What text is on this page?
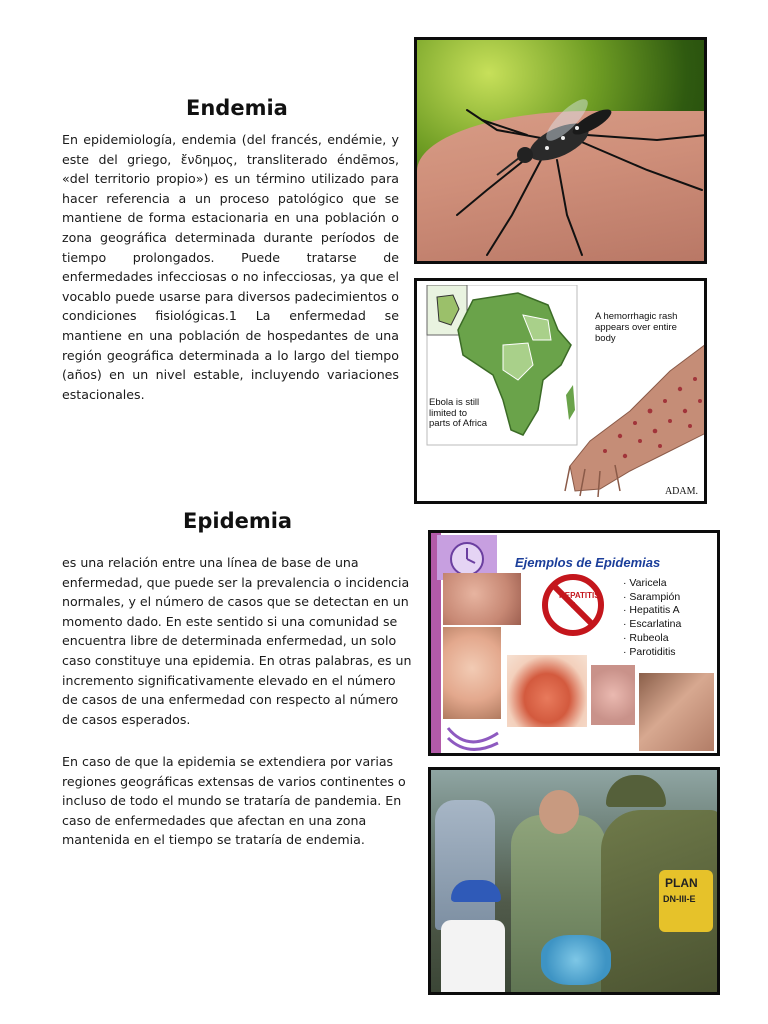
Endemia

En epidemiología, endemia (del francés, endémie, y este del griego, ἔνδημος, transliterado éndēmos, «del territorio propio») es un término utilizado para hacer referencia a un proceso patológico que se mantiene de forma estacionaria en una población o zona geográfica determinada durante períodos de tiempo prolongados. Puede tratarse de enfermedades infecciosas o no infecciosas, ya que el vocablo puede usarse para diversos padecimientos o condiciones fisiológicas.1 La enfermedad se mantiene en una población de hospedantes de una región geográfica determinada a lo largo del tiempo (años) en un nivel estable, incluyendo variaciones estacionales.

Ebola is still limited to parts of Africa
A hemorrhagic rash appears over entire body
ADAM.
Epidemia

es una relación entre una línea de base de una enfermedad, que puede ser la prevalencia o incidencia normales, y el número de casos que se detectan en un momento dado. En este sentido si una comunidad se encuentra libre de determinada enfermedad, un solo caso constituye una epidemia. En otras palabras, es un incremento significativamente elevado en el número de casos de una enfermedad con respecto al número de casos esperados.

En caso de que la epidemia se extendiera por varias regiones geográficas extensas de varios continentes o incluso de todo el mundo se trataría de pandemia. En caso de enfermedades que afectan en una zona mantenida en el tiempo se trataría de endemia.

Ejemplos de Epidemias
· Varicela
· Sarampión
· Hepatitis A
· Escarlatina
· Rubeola
· Parotiditis
HEPATITIS A
PLAN
DN-III-E
